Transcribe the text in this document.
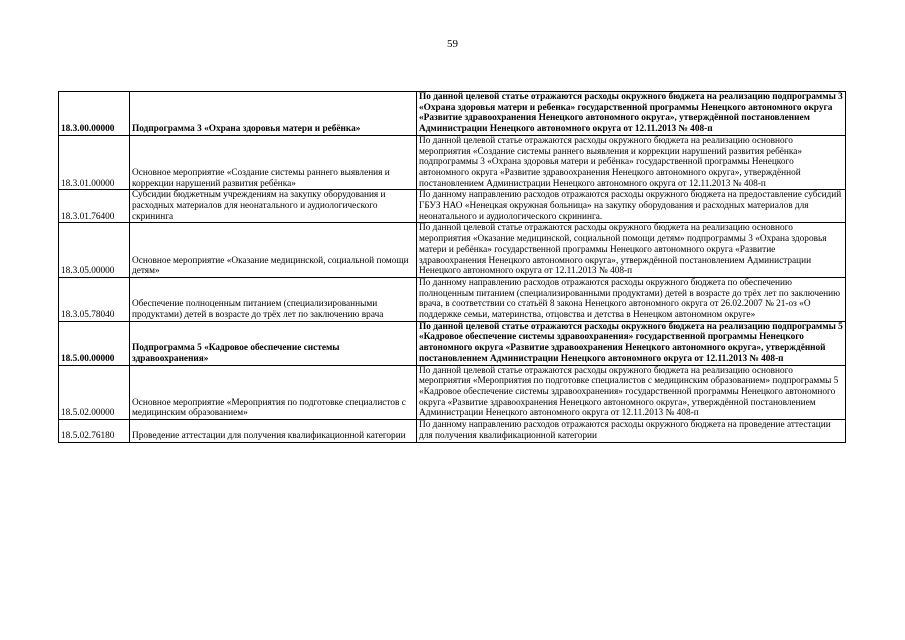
59
18.3.00.00000	Подпрограмма 3 «Охрана здоровья матери и ребёнка»	По данной целевой статье отражаются расходы окружного бюджета на реализацию подпрограммы 3 «Охрана здоровья матери и ребенка» государственной программы Ненецкого автономного округа «Развитие здравоохранения Ненецкого автономного округа», утверждённой постановлением Администрации Ненецкого автономного округа от 12.11.2013 № 408-п
18.3.01.00000	Основное мероприятие «Создание системы раннего выявления и коррекции нарушений развития ребёнка»	По данной целевой статье отражаются расходы окружного бюджета на реализацию основного мероприятия «Создание системы раннего выявления и коррекции нарушений развития ребёнка» подпрограммы 3 «Охрана здоровья матери и ребёнка» государственной программы Ненецкого автономного округа «Развитие здравоохранения Ненецкого автономного округа», утверждённой постановлением Администрации Ненецкого автономного округа от 12.11.2013 № 408-п
18.3.01.76400	Субсидии бюджетным учреждениям на закупку оборудования и расходных материалов для неонатального и аудиологического скрининга	По данному направлению расходов отражаются расходы окружного бюджета на предоставление субсидий ГБУЗ НАО «Ненецкая окружная больница» на закупку оборудования и расходных материалов для неонатального и аудиологического скрининга.
18.3.05.00000	Основное мероприятие «Оказание медицинской, социальной помощи детям»	По данной целевой статье отражаются расходы окружного бюджета на реализацию основного мероприятия «Оказание медицинской, социальной помощи детям» подпрограммы 3 «Охрана здоровья матери и ребёнка» государственной программы Ненецкого автономного округа «Развитие здравоохранения Ненецкого автономного округа», утверждённой постановлением Администрации Ненецкого автономного округа от 12.11.2013 № 408-п
18.3.05.78040	Обеспечение полноценным питанием (специализированными продуктами) детей в возрасте до трёх лет по заключению врача	По данному направлению расходов отражаются расходы окружного бюджета по обеспечению полноценным питанием (специализированными продуктами) детей в возрасте до трёх лет по заключению врача, в соответствии со статьёй 8 закона Ненецкого автономного округа от 26.02.2007 № 21-оз «О поддержке семьи, материнства, отцовства и детства в Ненецком автономном округе»
18.5.00.00000	Подпрограмма 5 «Кадровое обеспечение системы здравоохранения»	По данной целевой статье отражаются расходы окружного бюджета на реализацию подпрограммы 5 «Кадровое обеспечение системы здравоохранения» государственной программы Ненецкого автономного округа «Развитие здравоохранения Ненецкого автономного округа», утверждённой постановлением Администрации Ненецкого автономного округа от 12.11.2013 № 408-п
18.5.02.00000	Основное мероприятие «Мероприятия по подготовке специалистов с медицинским образованием»	По данной целевой статье отражаются расходы окружного бюджета на реализацию основного мероприятия «Мероприятия по подготовке специалистов с медицинским образованием» подпрограммы 5 «Кадровое обеспечение системы здравоохранения» государственной программы Ненецкого автономного округа «Развитие здравоохранения Ненецкого автономного округа», утверждённой постановлением Администрации Ненецкого автономного округа от 12.11.2013 № 408-п
18.5.02.76180	Проведение аттестации для получения квалификационной категории	По данному направлению расходов отражаются расходы окружного бюджета на проведение аттестации для получения квалификационной категории
